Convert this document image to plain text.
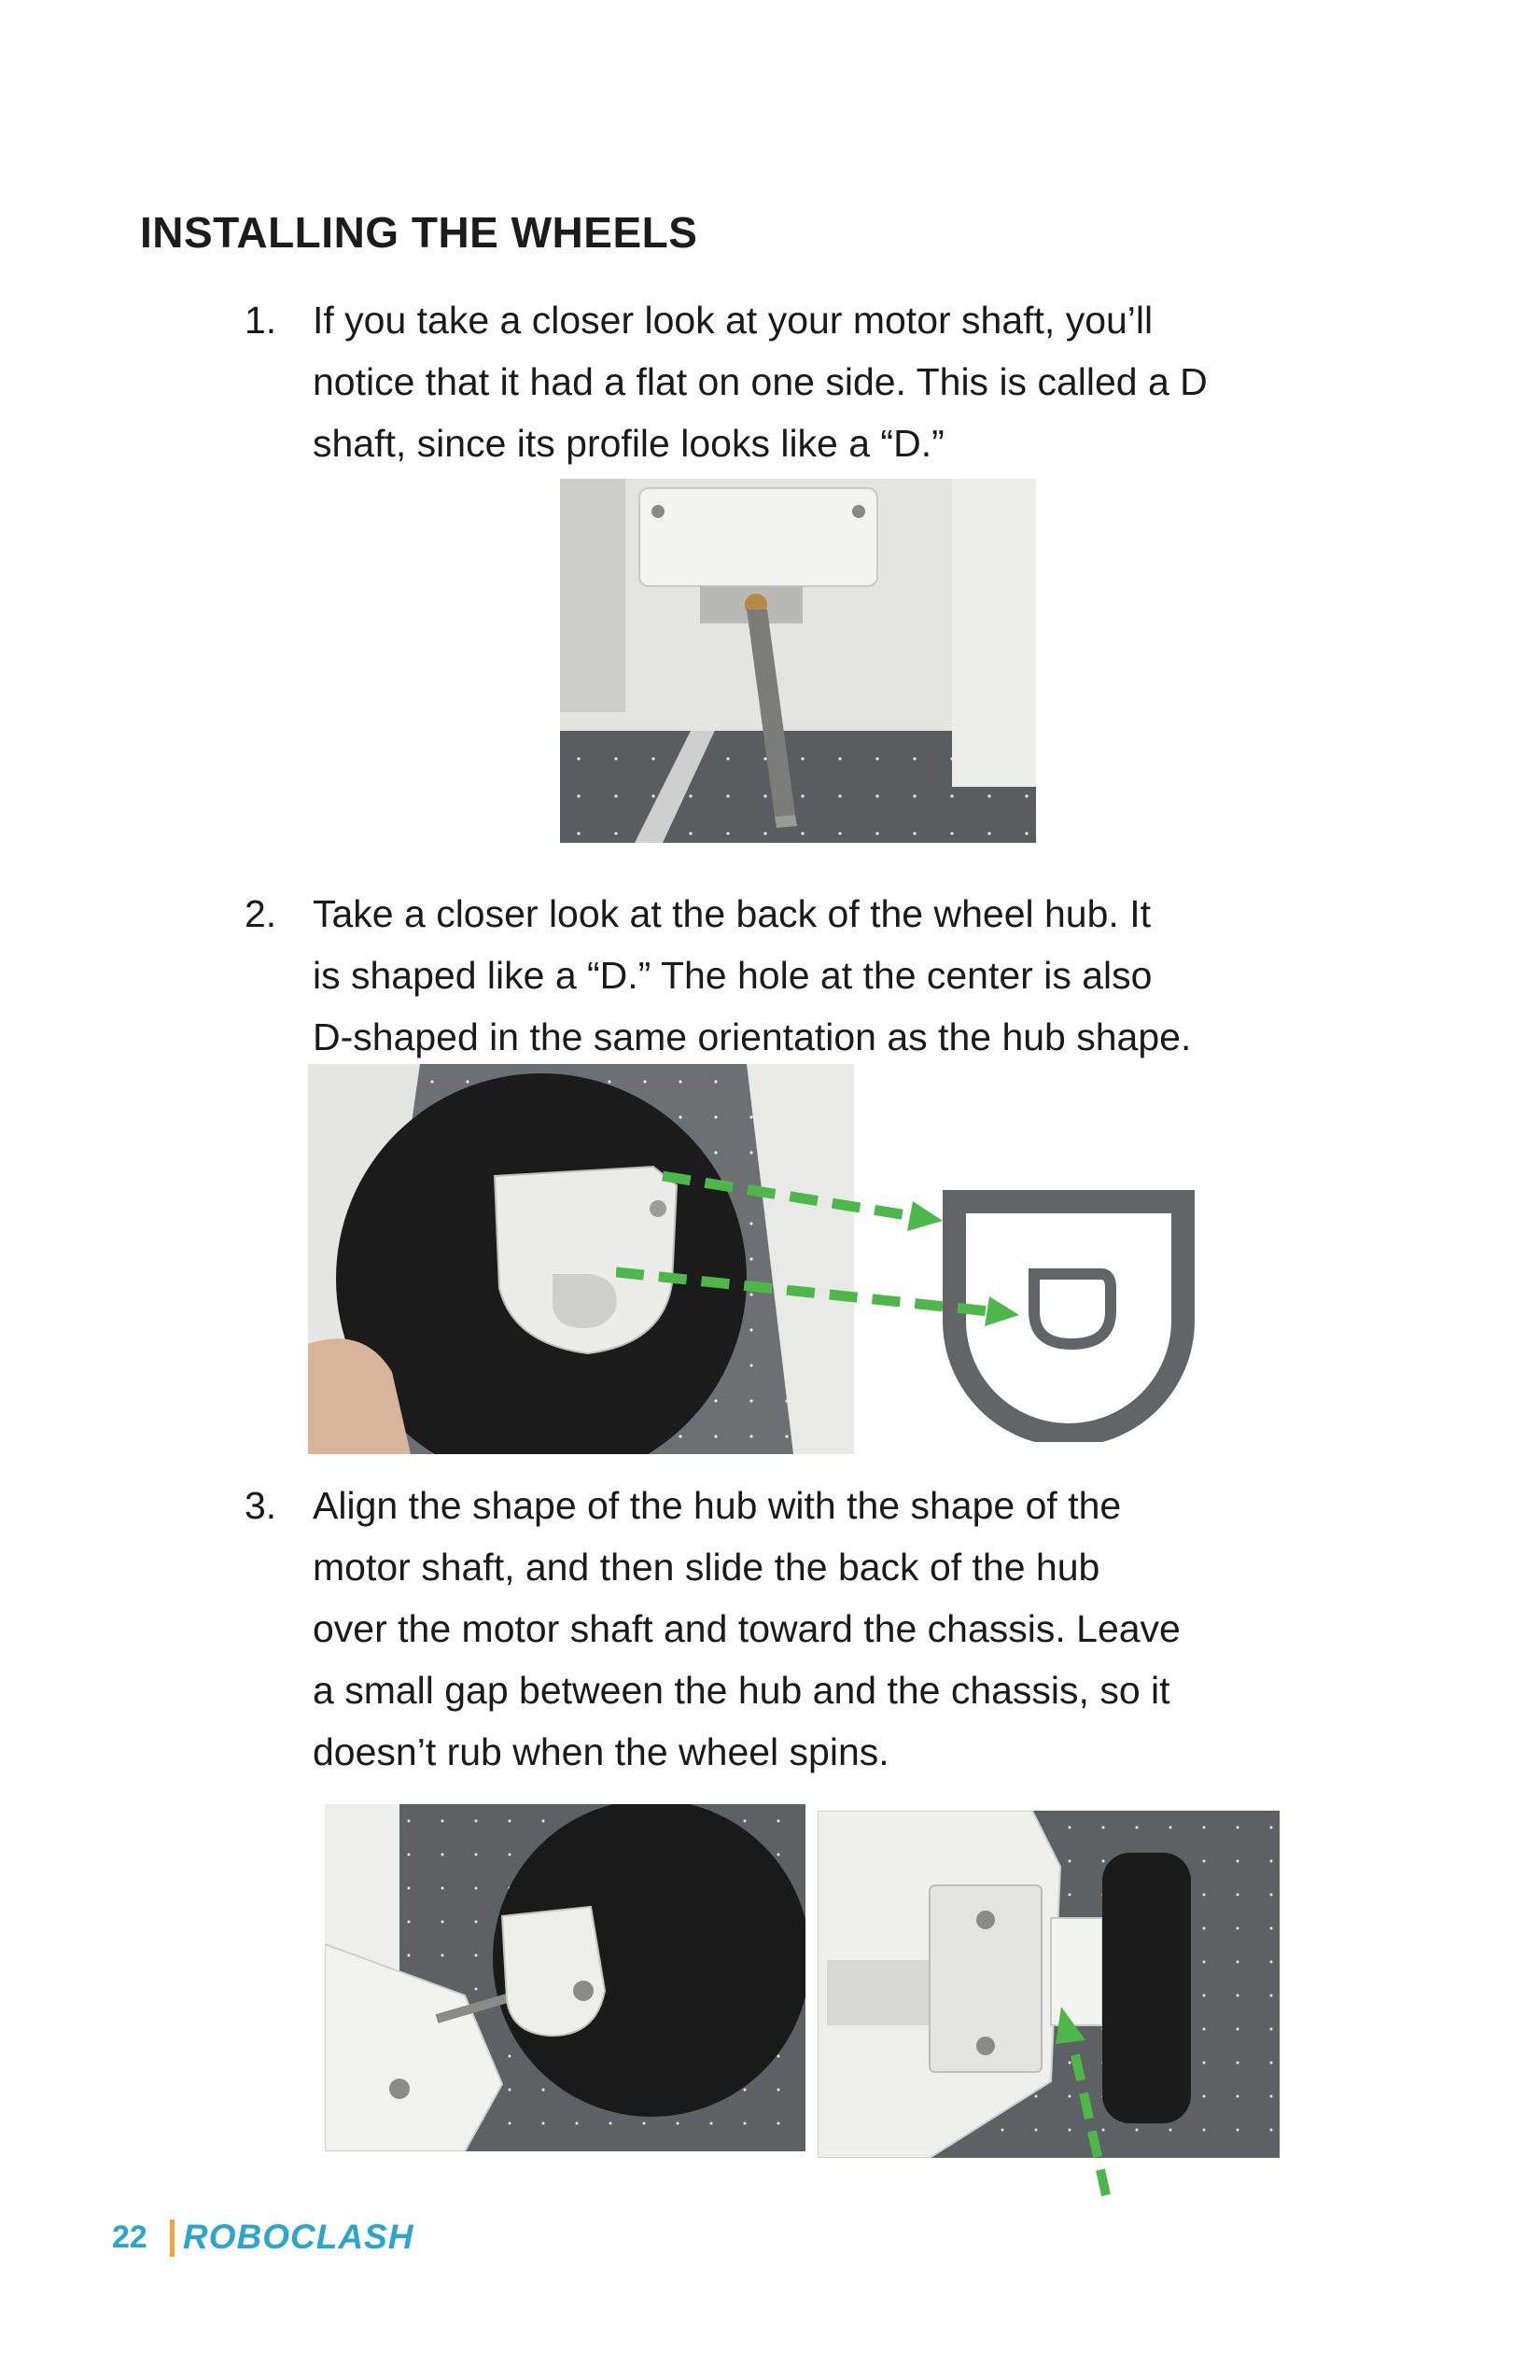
INSTALLING THE WHEELS
1. If you take a closer look at your motor shaft, you’ll
notice that it had a flat on one side. This is called a D
shaft, since its profile looks like a “D.”
2. Take a closer look at the back of the wheel hub. It
is shaped like a “D.” The hole at the center is also
D-shaped in the same orientation as the hub shape.
3. Align the shape of the hub with the shape of the
motor shaft, and then slide the back of the hub
over the motor shaft and toward the chassis. Leave
a small gap between the hub and the chassis, so it
doesn’t rub when the wheel spins.
22 ROBOCLASH
